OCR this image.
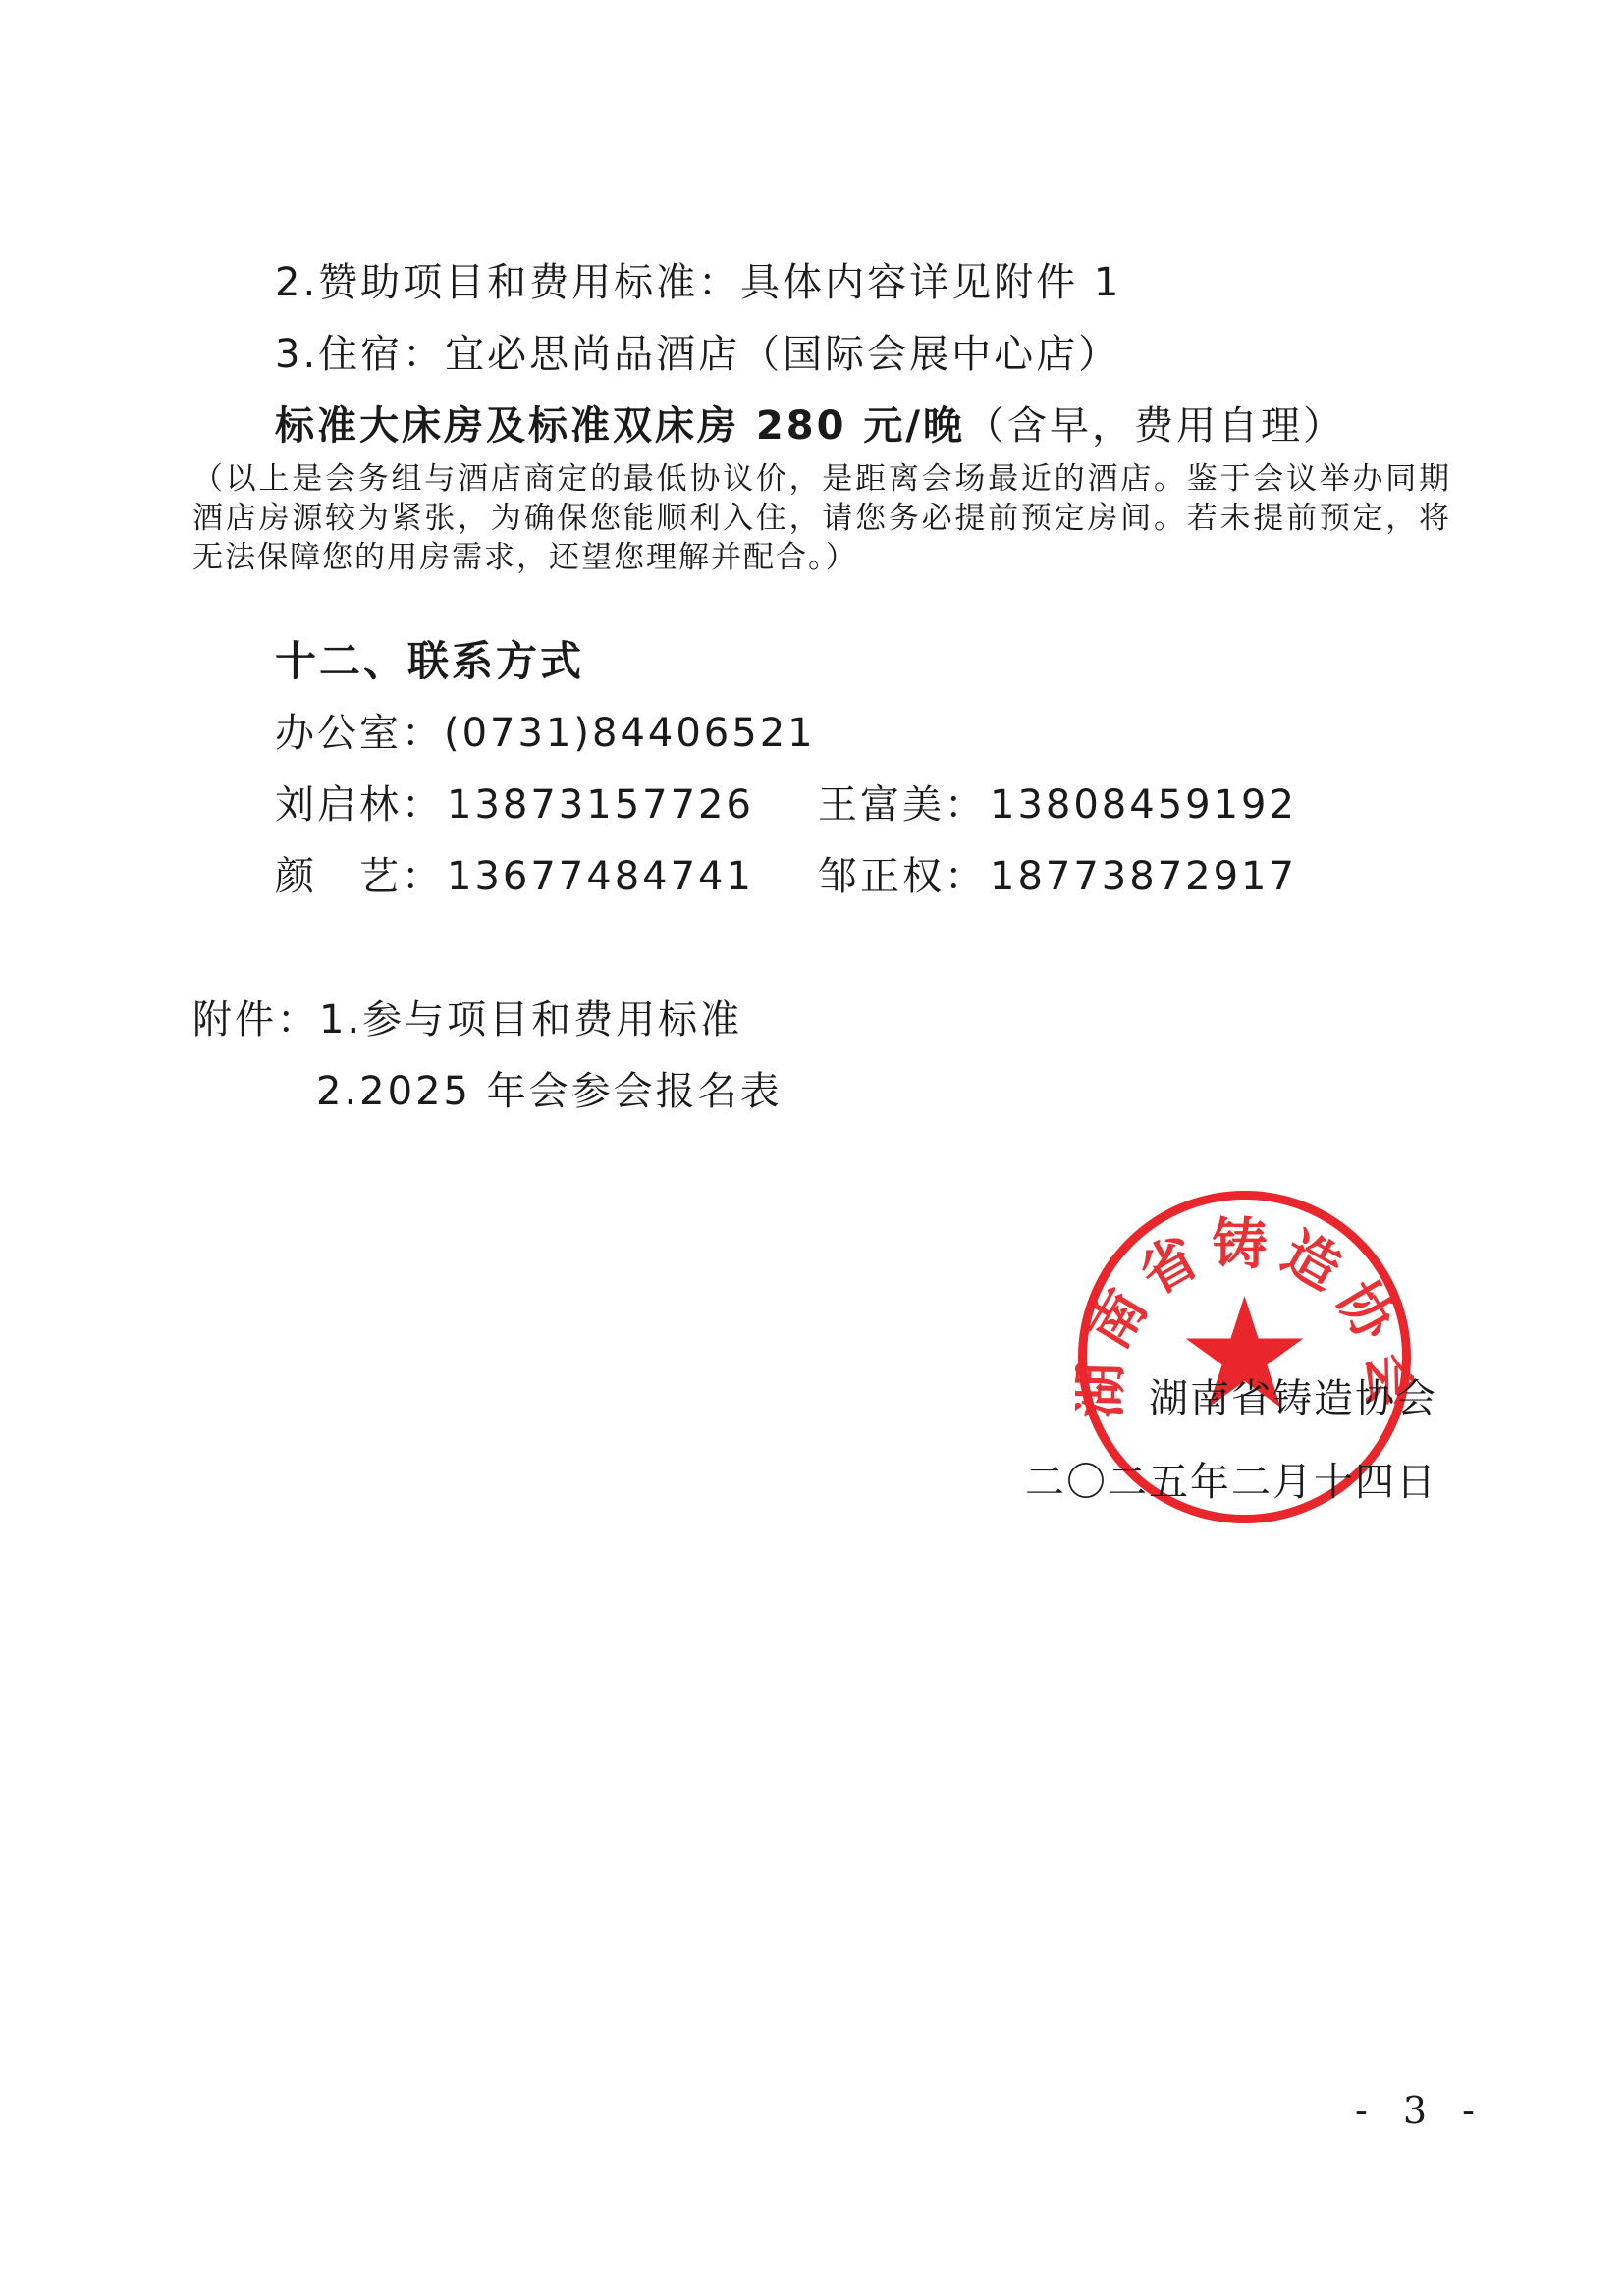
2.赞助项目和费用标准：具体内容详见附件 1
3.住宿：宜必思尚品酒店（国际会展中心店）
标准大床房及标准双床房 280 元/晚（含早，费用自理）
（以上是会务组与酒店商定的最低协议价，是距离会场最近的酒店。鉴于会议举办同期酒店房源较为紧张，为确保您能顺利入住，请您务必提前预定房间。若未提前预定，将无法保障您的用房需求，还望您理解并配合。）
十二、联系方式
办公室：(0731)84406521
刘启林：13873157726 王富美：13808459192
颜　艺：13677484741 邹正权：18773872917
附件：1.参与项目和费用标准
2.2025 年会参会报名表
南省铸造协
湖南省铸造协会
二〇二五年二月十四日
- 3 -
